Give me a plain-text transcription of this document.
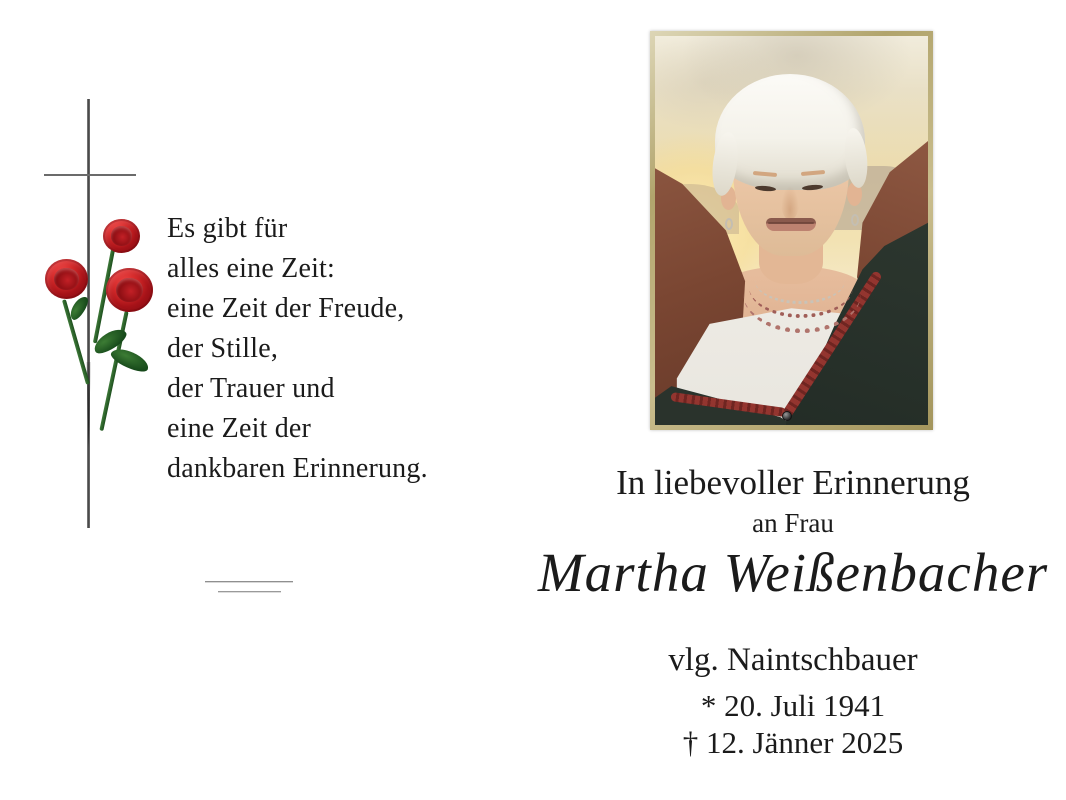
Es gibt für
alles eine Zeit:
eine Zeit der Freude,
der Stille,
der Trauer und
eine Zeit der
dankbaren Erinnerung.	In liebevoller Erinnerung
an Frau
Martha Weißenbacher
vlg. Naintschbauer
* 20. Juli 1941
† 12. Jänner 2025
